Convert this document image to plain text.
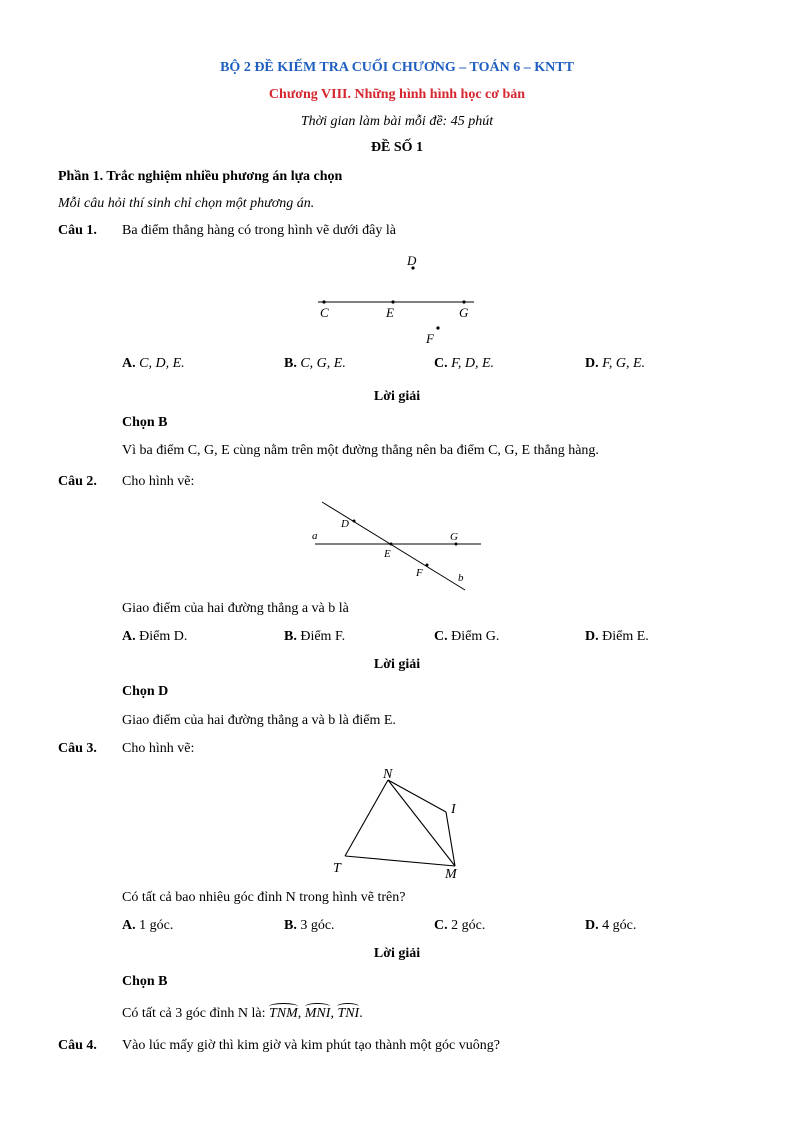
BỘ 2 ĐỀ KIỂM TRA CUỐI CHƯƠNG – TOÁN 6 – KNTT
Chương VIII. Những hình hình học cơ bản
Thời gian làm bài mỗi đề: 45 phút
ĐỀ SỐ 1
Phần 1. Trắc nghiệm nhiều phương án lựa chọn
Mỗi câu hỏi thí sinh chỉ chọn một phương án.
Câu 1. Ba điểm thẳng hàng có trong hình vẽ dưới đây là
D
C	E	G
F
A. C, D, E.	B. C, G, E.	C. F, D, E.	D. F, G, E.
Lời giải
Chọn B
Vì ba điểm C, G, E cùng nằm trên một đường thẳng nên ba điểm C, G, E thẳng hàng.
Câu 2. Cho hình vẽ:
a
D
G
E
F	b
Giao điểm của hai đường thẳng a và b là
A. Điểm D.	B. Điểm F.	C. Điểm G.	D. Điểm E.
Lời giải
Chọn D
Giao điểm của hai đường thẳng a và b là điểm E.
Câu 3. Cho hình vẽ:
N
I
T	M
Có tất cả bao nhiêu góc đỉnh N trong hình vẽ trên?
A. 1 góc.	B. 3 góc.	C. 2 góc.	D. 4 góc.
Lời giải
Chọn B
Có tất cả 3 góc đỉnh N là: TNM, MNI, TNI.
Câu 4. Vào lúc mấy giờ thì kim giờ và kim phút tạo thành một góc vuông?
